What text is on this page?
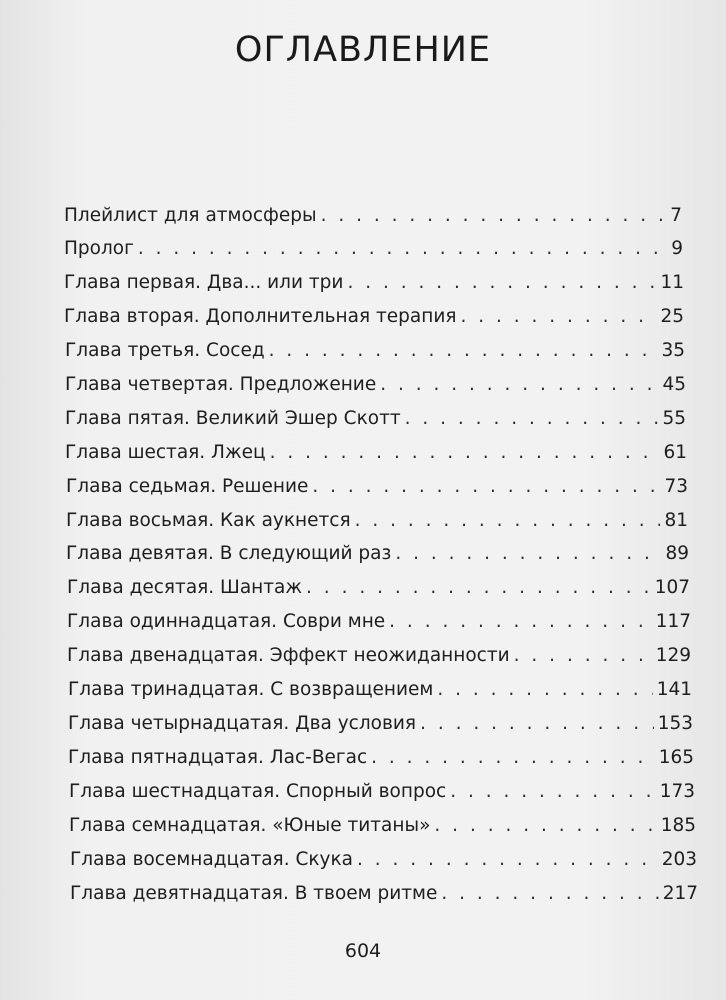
ОГЛАВЛЕНИЕ
Плейлист для атмосферы . . .	7
Пролог . . .	9
Глава первая. Два... или три . . .	11
Глава вторая. Дополнительная терапия . . .	25
Глава третья. Сосед . . .	35
Глава четвертая. Предложение . . .	45
Глава пятая. Великий Эшер Скотт . . .	55
Глава шестая. Лжец . . .	61
Глава седьмая. Решение . . .	73
Глава восьмая. Как аукнется . . .	81
Глава девятая. В следующий раз . . .	89
Глава десятая. Шантаж . . .	107
Глава одиннадцатая. Соври мне . . .	117
Глава двенадцатая. Эффект неожиданности . . .	129
Глава тринадцатая. С возвращением . . .	141
Глава четырнадцатая. Два условия . . .	153
Глава пятнадцатая. Лас-Вегас . . .	165
Глава шестнадцатая. Спорный вопрос . . .	173
Глава семнадцатая. «Юные титаны» . . .	185
Глава восемнадцатая. Скука . . .	203
Глава девятнадцатая. В твоем ритме . . .	217
604
